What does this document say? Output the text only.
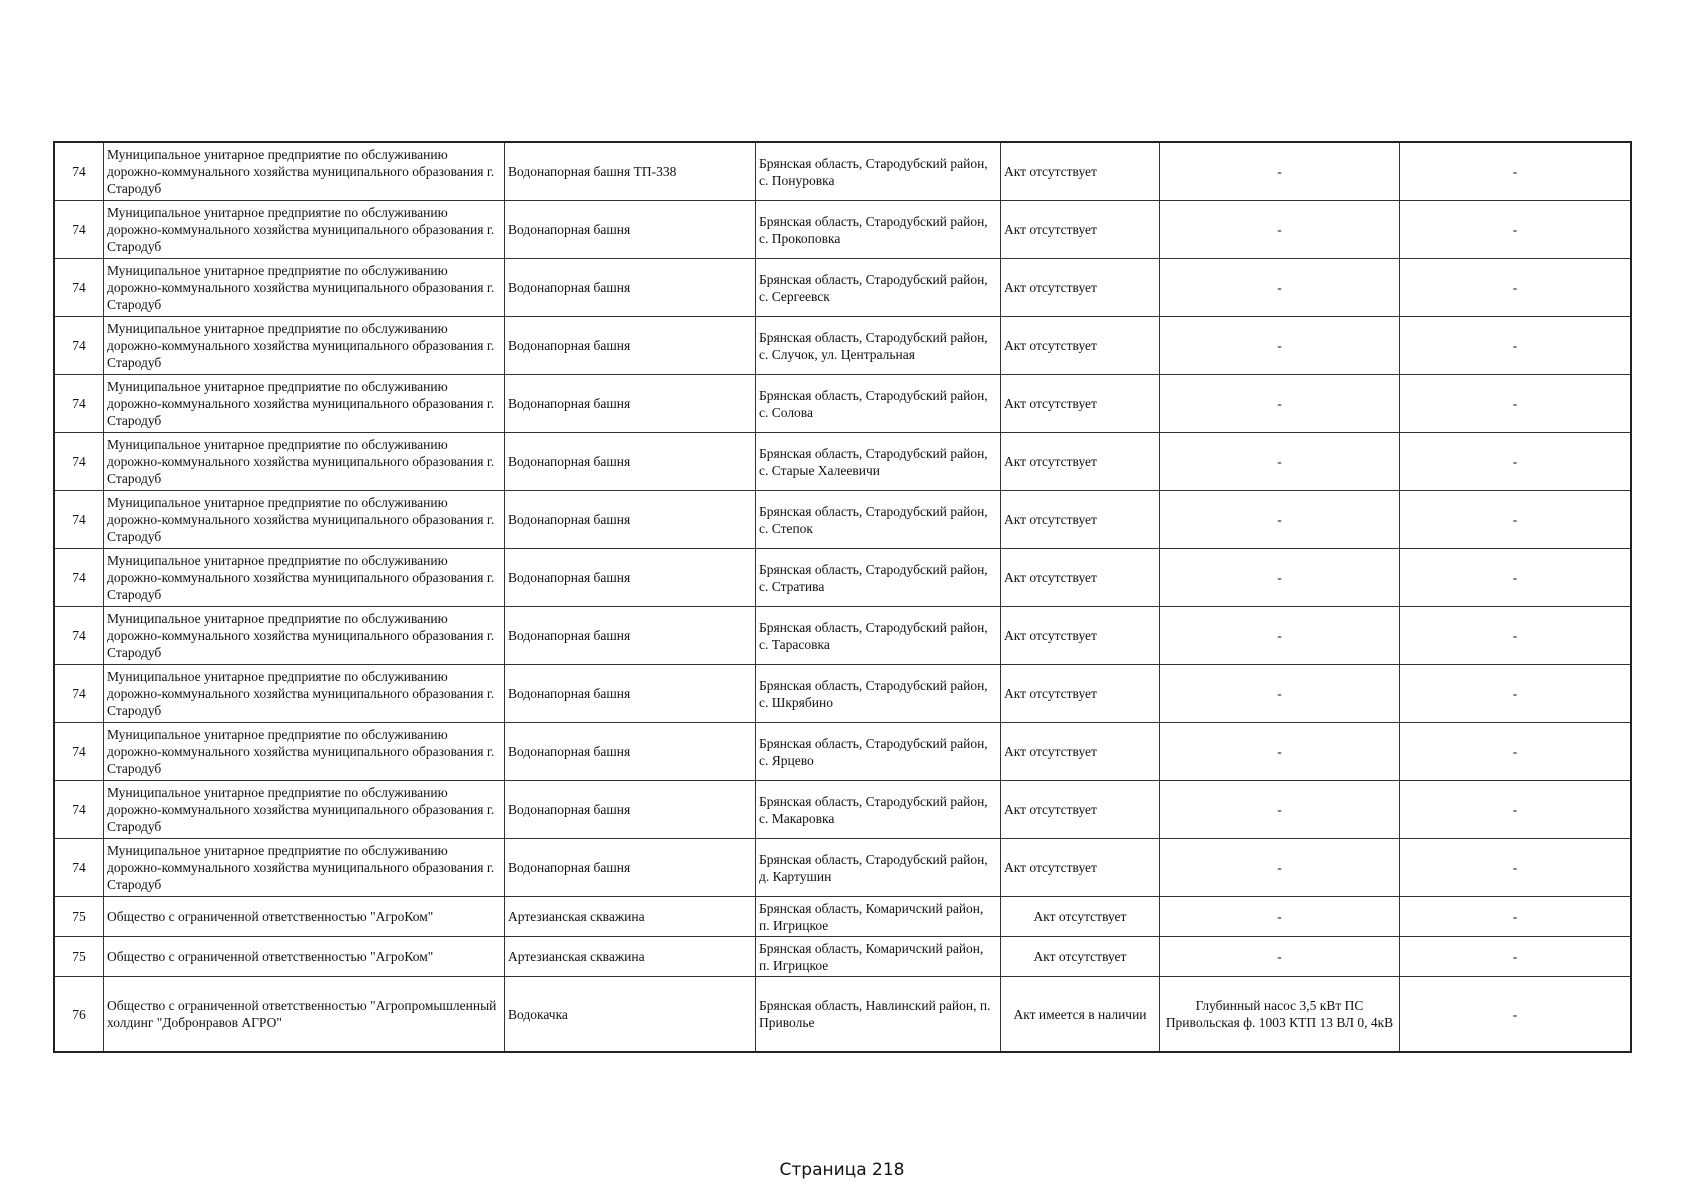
74	Муниципальное унитарное предприятие по обслуживанию дорожно-коммунального хозяйства муниципального образования г. Стародуб	Водонапорная башня ТП-338	Брянская область, Стародубский район, с. Понуровка	Акт отсутствует	-	-
74	Муниципальное унитарное предприятие по обслуживанию дорожно-коммунального хозяйства муниципального образования г. Стародуб	Водонапорная башня	Брянская область, Стародубский район, с. Прокоповка	Акт отсутствует	-	-
74	Муниципальное унитарное предприятие по обслуживанию дорожно-коммунального хозяйства муниципального образования г. Стародуб	Водонапорная башня	Брянская область, Стародубский район, с. Сергеевск	Акт отсутствует	-	-
74	Муниципальное унитарное предприятие по обслуживанию дорожно-коммунального хозяйства муниципального образования г. Стародуб	Водонапорная башня	Брянская область, Стародубский район, с. Случок, ул. Центральная	Акт отсутствует	-	-
74	Муниципальное унитарное предприятие по обслуживанию дорожно-коммунального хозяйства муниципального образования г. Стародуб	Водонапорная башня	Брянская область, Стародубский район, с. Солова	Акт отсутствует	-	-
74	Муниципальное унитарное предприятие по обслуживанию дорожно-коммунального хозяйства муниципального образования г. Стародуб	Водонапорная башня	Брянская область, Стародубский район, с. Старые Халеевичи	Акт отсутствует	-	-
74	Муниципальное унитарное предприятие по обслуживанию дорожно-коммунального хозяйства муниципального образования г. Стародуб	Водонапорная башня	Брянская область, Стародубский район, с. Степок	Акт отсутствует	-	-
74	Муниципальное унитарное предприятие по обслуживанию дорожно-коммунального хозяйства муниципального образования г. Стародуб	Водонапорная башня	Брянская область, Стародубский район, с. Стратива	Акт отсутствует	-	-
74	Муниципальное унитарное предприятие по обслуживанию дорожно-коммунального хозяйства муниципального образования г. Стародуб	Водонапорная башня	Брянская область, Стародубский район, с. Тарасовка	Акт отсутствует	-	-
74	Муниципальное унитарное предприятие по обслуживанию дорожно-коммунального хозяйства муниципального образования г. Стародуб	Водонапорная башня	Брянская область, Стародубский район, с. Шкрябино	Акт отсутствует	-	-
74	Муниципальное унитарное предприятие по обслуживанию дорожно-коммунального хозяйства муниципального образования г. Стародуб	Водонапорная башня	Брянская область, Стародубский район, с. Ярцево	Акт отсутствует	-	-
74	Муниципальное унитарное предприятие по обслуживанию дорожно-коммунального хозяйства муниципального образования г. Стародуб	Водонапорная башня	Брянская область, Стародубский район, с. Макаровка	Акт отсутствует	-	-
74	Муниципальное унитарное предприятие по обслуживанию дорожно-коммунального хозяйства муниципального образования г. Стародуб	Водонапорная башня	Брянская область, Стародубский район, д. Картушин	Акт отсутствует	-	-
75	Общество с ограниченной ответственностью "АгроКом"	Артезианская скважина	Брянская область, Комаричский район, п. Игрицкое	Акт отсутствует	-	-
75	Общество с ограниченной ответственностью "АгроКом"	Артезианская скважина	Брянская область, Комаричский район, п. Игрицкое	Акт отсутствует	-	-
76	Общество с ограниченной ответственностью "Агропромышленный холдинг "Добронравов АГРО"	Водокачка	Брянская область, Навлинский район, п. Приволье	Акт имеется в наличии	Глубинный насос 3,5 кВт ПС Привольская ф. 1003 КТП 13 ВЛ 0, 4кВ	-
Страница 218
